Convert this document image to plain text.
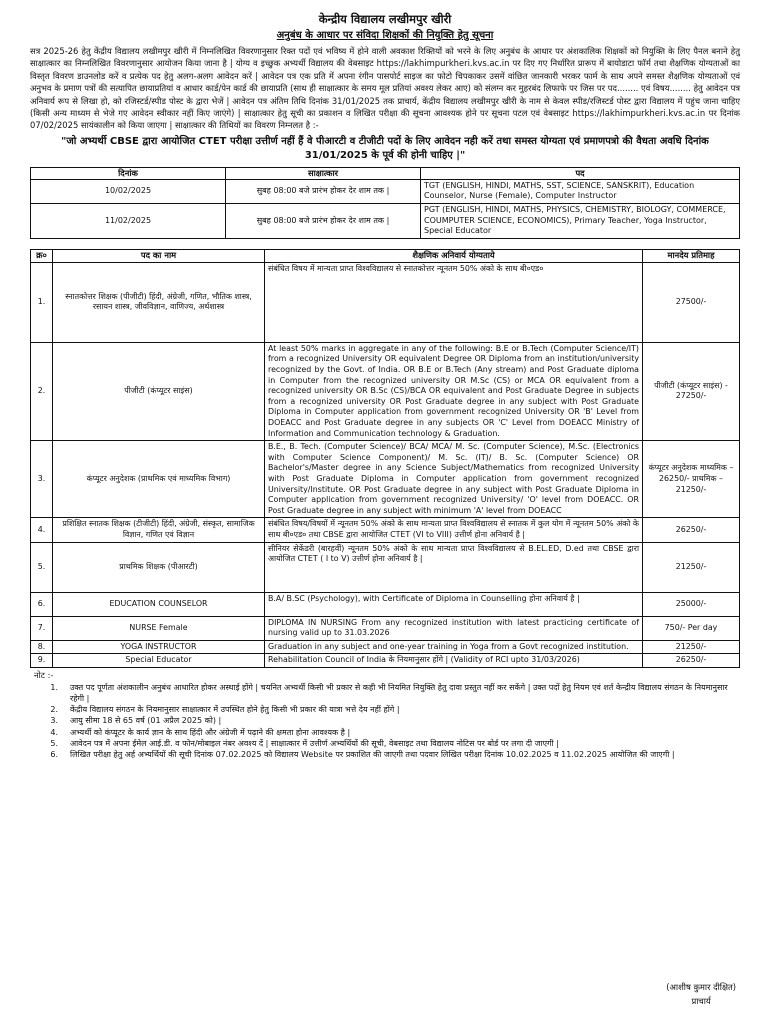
केन्द्रीय विद्यालय लखीमपुर खीरी
अनुबंध के आधार पर संविदा शिक्षकों की नियुक्ति हेतु सूचना

सत्र 2025-26 हेतु केंद्रीय विद्यालय लखीमपुर खीरी में निम्नलिखित विवरणानुसार रिक्त पदों एवं भविष्य में होने वाली अवकाश रिक्तियों को भरने के लिए अनुबंध के आधार पर अंशकालिक शिक्षकों को नियुक्ति के लिए पैनल बनाने हेतु साक्षात्कार का निम्नलिखित विवरणानुसार आयोजन किया जाना है | योग्य व इच्छुक अभ्यर्थी विद्यालय की वेबसाइट https://lakhimpurkheri.kvs.ac.in पर दिए गए निर्धारित प्रारूप में बायोडाटा फॉर्म तथा शैक्षणिक योग्यताओं का विस्तृत विवरण डाउनलोड करें व प्रत्येक पद हेतु अलग-अलग आवेदन करें | आवेदन पत्र एक प्रति में अपना रंगीन पासपोर्ट साइज का फोटो चिपकाकर उसमें वांछित जानकारी भरकर फार्म के साथ अपने समस्त शैक्षणिक योग्यताओं एवं अनुभव के प्रमाण पत्रों की सत्यापित छायाप्रतियां व आधार कार्ड/पेन कार्ड की छायाप्रति (साथ ही साक्षात्कार के समय मूल प्रतियां अवश्य लेकर आए) को संलग्न कर मुहरबंद लिफाफे पर जिस पर पद........ एवं विषय........ हेतु आवेदन पत्र अनिवार्य रूप से लिखा हो, को रजिस्टर्ड/स्पीड पोस्ट के द्वारा भेजें | आवेदन पत्र अंतिम तिथि दिनांक 31/01/2025 तक प्राचार्य, केंद्रीय विद्यालय लखीमपुर खीरी के नाम से केवल स्पीड/रजिस्टर्ड पोस्ट द्वारा विद्यालय में पहुंच जाना चाहिए (किसी अन्य माध्यम से भेजे गए आवेदन स्वीकार नहीं किए जाएंगे) | साक्षात्कार हेतु सूची का प्रकाशन व लिखित परीक्षा की सूचना आवश्यक होने पर सूचना पटल एवं वेबसाइट https://lakhimpurkheri.kvs.ac.in पर दिनांक 07/02/2025 सायंकालीन को किया जाएगा | साक्षात्कार की तिथियों का विवरण निम्नलत है :-

"जो अभ्यर्थी CBSE द्वारा आयोजित CTET परीक्षा उत्तीर्ण नहीं हैं वे पीआरटी व टीजीटी पदों के लिए आवेदन नही करें तथा समस्त योग्यता एवं प्रमाणपत्रो की वैधता अवधि दिनांक 31/01/2025 के पूर्व की होनी चाहिए |"

दिनांक	साक्षात्कार	पद
10/02/2025	सुबह 08:00 बजे प्रारंभ होकर देर शाम तक |	TGT (ENGLISH, HINDI, MATHS, SST, SCIENCE, SANSKRIT), Education Counselor, Nurse (Female), Computer Instructor
11/02/2025	सुबह 08:00 बजे प्रारंभ होकर देर शाम तक |	PGT (ENGLISH, HINDI, MATHS, PHYSICS, CHEMISTRY, BIOLOGY, COMMERCE, COUMPUTER SCIENCE, ECONOMICS), Primary Teacher, Yoga Instructor, Special Educator
क्र०	पद का नाम	शैक्षणिक अनिवार्य योग्यताये	मानदेय प्रतिमाह
1.	स्नातकोत्तर शिक्षक (पीजीटी) हिंदी, अंग्रेजी, गणित, भौतिक शास्त्र, रसायन शास्त्र, जीवविज्ञान, वाणिज्य, अर्थशास्त्र	संबंधित विषय में मान्यता प्राप्त विश्वविद्यालय से स्नातकोत्तर न्यूनतम 50% अंको के साथ बी०एड०	27500/-
2.	पीजीटी (कंप्यूटर साइंस)	At least 50% marks in aggregate in any of the following: B.E or B.Tech (Computer Science/IT) from a recognized University OR equivalent Degree OR Diploma from an institution/university recognized by the Govt. of India. OR B.E or B.Tech (Any stream) and Post Graduate diploma in Computer from the recognized university OR M.Sc (CS) or MCA OR equivalent from a recognized university OR B.Sc (CS)/BCA OR equivalent and Post Graduate Degree in subjects from a recognized university OR Post Graduate degree in any subject with Post Graduate Diploma in Computer application from government recognized University OR 'B' Level from DOEACC and Post Graduate degree in any subjects OR 'C' Level from DOEACC Ministry of Information and Communication technology & Graduation.	पीजीटी (कंप्यूटर साइंस) - 27250/-
3.	कंप्यूटर अनुदेशक (प्राथमिक एवं माध्यमिक विभाग)	B.E., B. Tech. (Computer Science)/ BCA/ MCA/ M. Sc. (Computer Science), M.Sc. (Electronics with Computer Science Component)/ M. Sc. (IT)/ B. Sc. (Computer Science) OR Bachelor's/Master degree in any Science Subject/Mathematics from recognized University with Post Graduate Diploma in Computer application from government recognized University/Institute. OR Post Graduate degree in any subject with Post Graduate Diploma in Computer application from government recognized University/ 'O' level from DOEACC. OR Post Graduate degree in any subject with minimum 'A' level from DOEACC	कंप्यूटर अनुदेशक माध्यमिक – 26250/- प्राथमिक – 21250/-
4.	प्रशिक्षित स्नातक शिक्षक (टीजीटी) हिंदी, अंग्रेजी, संस्कृत, सामाजिक विज्ञान, गणित एवं विज्ञान	संबंधित विषय/विषयों में न्यूनतम 50% अंको के साथ मान्यता प्राप्त विश्वविद्यालय से स्नातक में कुल योग में न्यूनतम 50% अंको के साथ बी०एड० तथा CBSE द्वारा आयोजित CTET (VI to VIII) उत्तीर्ण होना अनिवार्य है |	26250/-
5.	प्राथमिक शिक्षक (पीआरटी)	सीनियर सेकेंडरी (बारहवीं) न्यूनतम 50% अंको के साथ मान्यता प्राप्त विश्वविद्यालय से B.EL.ED, D.ed तथा CBSE द्वारा आयोजित CTET ( I to V) उत्तीर्ण होना अनिवार्य है |	21250/-
6.	EDUCATION COUNSELOR	B.A/ B.SC (Psychology), with Certificate of Diploma in Counselling होना अनिवार्य है |	25000/-
7.	NURSE Female	DIPLOMA IN NURSING From any recognized institution with latest practicing certificate of nursing valid up to 31.03.2026	750/- Per day
8.	YOGA INSTRUCTOR	Graduation in any subject and one-year training in Yoga from a Govt recognized institution.	21250/-
9.	Special Educator	Rehabilitation Council of India के नियमानुसार होंगे | (Validity of RCI upto 31/03/2026)	26250/-
नोट :-
1.	उक्त पद पूर्णता अंशकालीन अनुबंध आधारित होकर अस्थाई होंगे | चयनित अभ्यर्थी किसी भी प्रकार से कही भी नियमित नियुक्ति हेतु दावा प्रस्तुत नहीं कर सकेंगे | उक्त पदों हेतु नियम एवं शर्त केन्द्रीय विद्यालय संगठन के नियमानुसार रहेगी |
2.	केंद्रीय विद्यालय संगठन के नियमानुसार साक्षात्कार में उपस्थित होने हेतु किसी भी प्रकार की यात्रा भत्ते देय नहीं होंगे |
3.	आयु सीमा 18 से 65 वर्ष (01 अप्रैल 2025 को) |
4.	अभ्यर्थी को कंप्यूटर के कार्य ज्ञान के साथ हिंदी और अंग्रेजी में पढ़ाने की क्षमता होना आवश्यक है |
5.	आवेदन पत्र में अपना ईमेल आई.डी. व फोन/मोबाइल नंबर अवश्य दें | साक्षात्कार में उत्तीर्ण अभ्यर्थियों की सूची, वेबसाइट तथा विद्यालय नोटिस पर बोर्ड पर लगा दी जाएगी |
6.	लिखित परीक्षा हेतु अर्ह अभ्यर्थियों की सूची दिनांक 07.02.2025 को विद्यालय Website पर प्रकाशित की जाएगी तथा पदवार लिखित परीक्षा दिनांक 10.02.2025 व 11.02.2025 आयोजित की जाएगी |
(आशीष कुमार दीक्षित)
प्राचार्य
